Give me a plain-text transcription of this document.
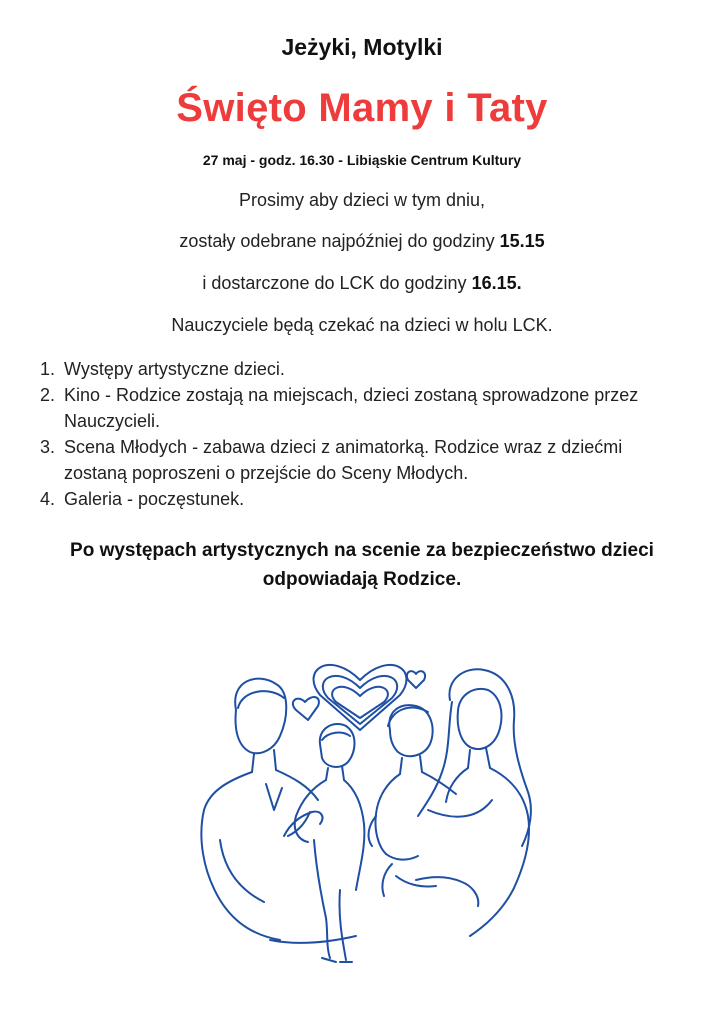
Jeżyki, Motylki
Święto Mamy i Taty
27 maj - godz. 16.30 - Libiąskie Centrum Kultury
Prosimy aby dzieci w tym dniu,
zostały odebrane najpóźniej do godziny 15.15
i dostarczone do LCK do godziny 16.15.
Nauczyciele będą czekać na dzieci w holu LCK.
1. Występy artystyczne dzieci.
2. Kino - Rodzice zostają na miejscach, dzieci zostaną sprowadzone przez Nauczycieli.
3. Scena Młodych - zabawa dzieci z animatorką. Rodzice wraz z dziećmi zostaną poproszeni o przejście do Sceny Młodych.
4. Galeria - poczęstunek.
Po występach artystycznych na scenie za bezpieczeństwo dzieci odpowiadają Rodzice.
